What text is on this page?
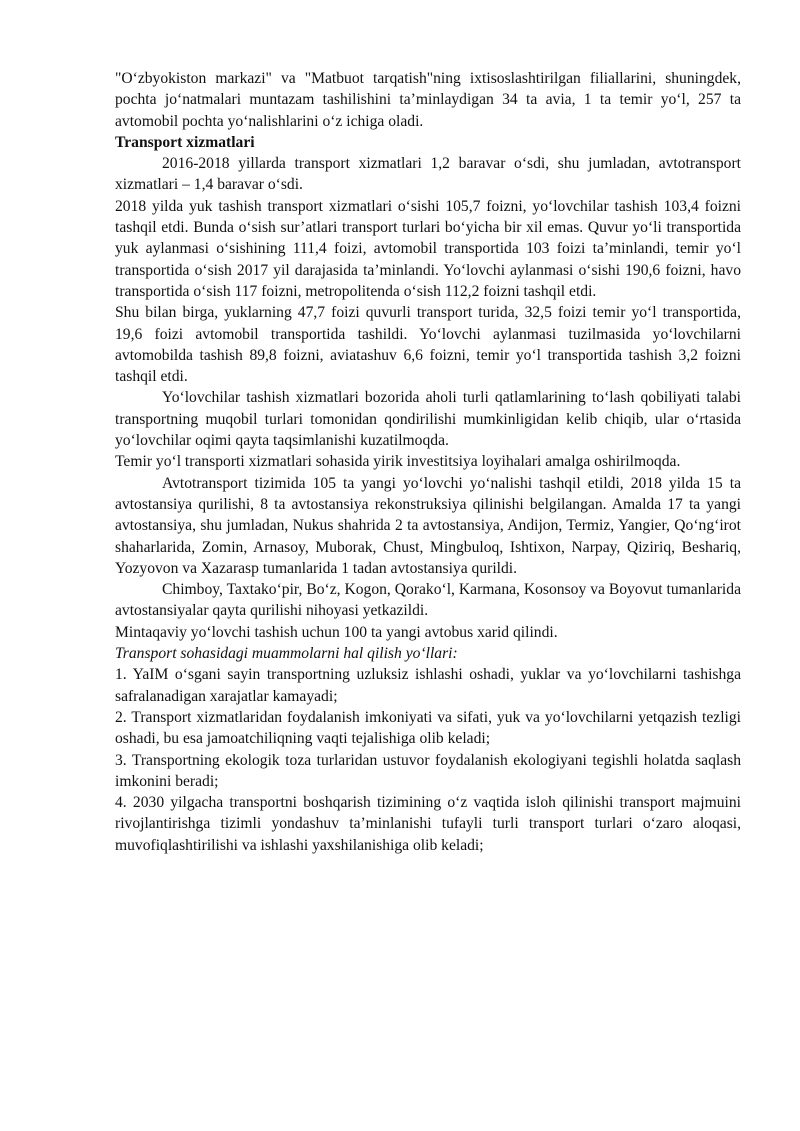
"O‘zbyokiston markazi" va "Matbuot tarqatish"ning ixtisoslashtirilgan filiallarini, shuningdek, pochta jo‘natmalari muntazam tashilishini ta’minlaydigan 34 ta avia, 1 ta temir yo‘l, 257 ta avtomobil pochta yo‘nalishlarini o‘z ichiga oladi.

Transport xizmatlari

2016-2018 yillarda transport xizmatlari 1,2 baravar o‘sdi, shu jumladan, avtotransport xizmatlari – 1,4 baravar o‘sdi.

2018 yilda yuk tashish transport xizmatlari o‘sishi 105,7 foizni, yo‘lovchilar tashish 103,4 foizni tashqil etdi. Bunda o‘sish sur’atlari transport turlari bo‘yicha bir xil emas. Quvur yo‘li transportida yuk aylanmasi o‘sishining 111,4 foizi, avtomobil transportida 103 foizi ta’minlandi, temir yo‘l transportida o‘sish 2017 yil darajasida ta’minlandi. Yo‘lovchi aylanmasi o‘sishi 190,6 foizni, havo transportida o‘sish 117 foizni, metropolitenda o‘sish 112,2 foizni tashqil etdi.

Shu bilan birga, yuklarning 47,7 foizi quvurli transport turida, 32,5 foizi temir yo‘l transportida, 19,6 foizi avtomobil transportida tashildi. Yo‘lovchi aylanmasi tuzilmasida yo‘lovchilarni avtomobilda tashish 89,8 foizni, aviatashuv 6,6 foizni, temir yo‘l transportida tashish 3,2 foizni tashqil etdi.

Yo‘lovchilar tashish xizmatlari bozorida aholi turli qatlamlarining to‘lash qobiliyati talabi transportning muqobil turlari tomonidan qondirilishi mumkinligidan kelib chiqib, ular o‘rtasida yo‘lovchilar oqimi qayta taqsimlanishi kuzatilmoqda.

Temir yo‘l transporti xizmatlari sohasida yirik investitsiya loyihalari amalga oshirilmoqda.

Avtotransport tizimida 105 ta yangi yo‘lovchi yo‘nalishi tashqil etildi, 2018 yilda 15 ta avtostansiya qurilishi, 8 ta avtostansiya rekonstruksiya qilinishi belgilangan. Amalda 17 ta yangi avtostansiya, shu jumladan, Nukus shahrida 2 ta avtostansiya, Andijon, Termiz, Yangier, Qo‘ng‘irot shaharlarida, Zomin, Arnasoy, Muborak, Chust, Mingbuloq, Ishtixon, Narpay, Qiziriq, Beshariq, Yozyovon va Xazarasp tumanlarida 1 tadan avtostansiya qurildi.

Chimboy, Taxtako‘pir, Bo‘z, Kogon, Qorako‘l, Karmana, Kosonsoy va Boyovut tumanlarida avtostansiyalar qayta qurilishi nihoyasi yetkazildi.

Mintaqaviy yo‘lovchi tashish uchun 100 ta yangi avtobus xarid qilindi.

Transport sohasidagi muammolarni hal qilish yo‘llari:

1. YaIM o‘sgani sayin transportning uzluksiz ishlashi oshadi, yuklar va yo‘lovchilarni tashishga safralanadigan xarajatlar kamayadi;

2. Transport xizmatlaridan foydalanish imkoniyati va sifati, yuk va yo‘lovchilarni yetqazish tezligi oshadi, bu esa jamoatchiliqning vaqti tejalishiga olib keladi;

3. Transportning ekologik toza turlaridan ustuvor foydalanish ekologiyani tegishli holatda saqlash imkonini beradi;

4. 2030 yilgacha transportni boshqarish tizimining o‘z vaqtida isloh qilinishi transport majmuini rivojlantirishga tizimli yondashuv ta’minlanishi tufayli turli transport turlari o‘zaro aloqasi, muvofiqlashtirilishi va ishlashi yaxshilanishiga olib keladi;
